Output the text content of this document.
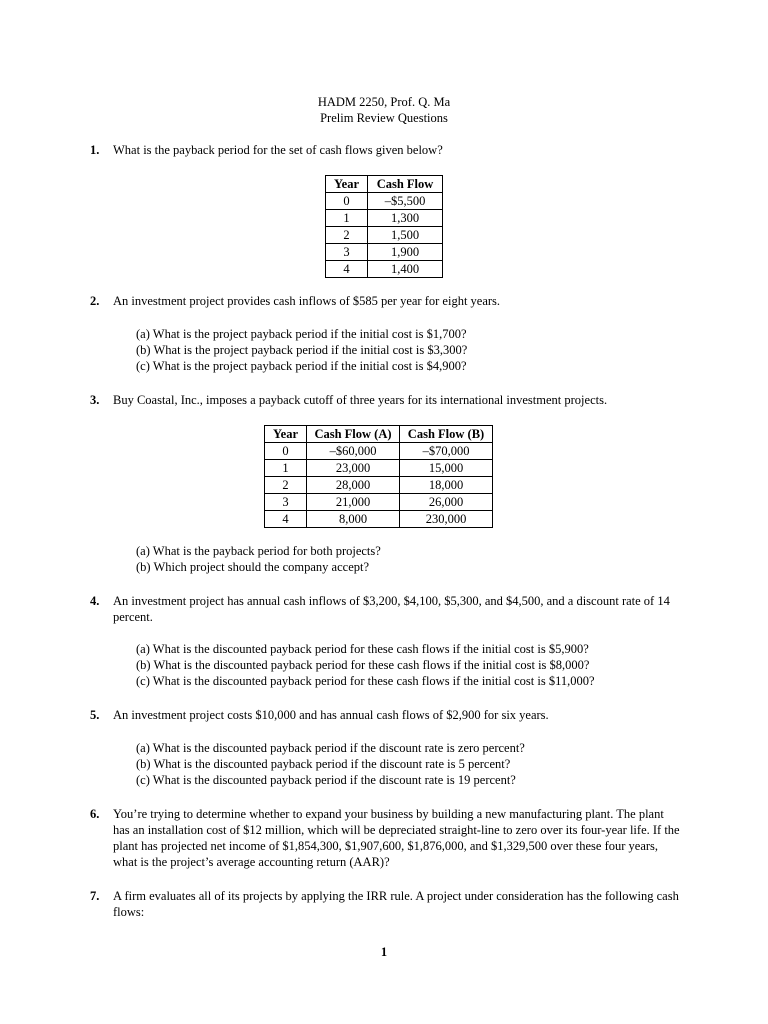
HADM 2250, Prof. Q. Ma
Prelim Review Questions
1. What is the payback period for the set of cash flows given below?
Year	Cash Flow
0	–$5,500
1	1,300
2	1,500
3	1,900
4	1,400
2. An investment project provides cash inflows of $585 per year for eight years.
(a) What is the project payback period if the initial cost is $1,700?
(b) What is the project payback period if the initial cost is $3,300?
(c) What is the project payback period if the initial cost is $4,900?
3. Buy Coastal, Inc., imposes a payback cutoff of three years for its international investment projects.
Year	Cash Flow (A)	Cash Flow (B)
0	–$60,000	–$70,000
1	23,000	15,000
2	28,000	18,000
3	21,000	26,000
4	8,000	230,000
(a) What is the payback period for both projects?
(b) Which project should the company accept?
4. An investment project has annual cash inflows of $3,200, $4,100, $5,300, and $4,500, and a discount rate of 14 percent.
(a) What is the discounted payback period for these cash flows if the initial cost is $5,900?
(b) What is the discounted payback period for these cash flows if the initial cost is $8,000?
(c) What is the discounted payback period for these cash flows if the initial cost is $11,000?
5. An investment project costs $10,000 and has annual cash flows of $2,900 for six years.
(a) What is the discounted payback period if the discount rate is zero percent?
(b) What is the discounted payback period if the discount rate is 5 percent?
(c) What is the discounted payback period if the discount rate is 19 percent?
6. You’re trying to determine whether to expand your business by building a new manufacturing plant. The plant has an installation cost of $12 million, which will be depreciated straight-line to zero over its four-year life. If the plant has projected net income of $1,854,300, $1,907,600, $1,876,000, and $1,329,500 over these four years, what is the project’s average accounting return (AAR)?
7. A firm evaluates all of its projects by applying the IRR rule. A project under consideration has the following cash flows:
1
